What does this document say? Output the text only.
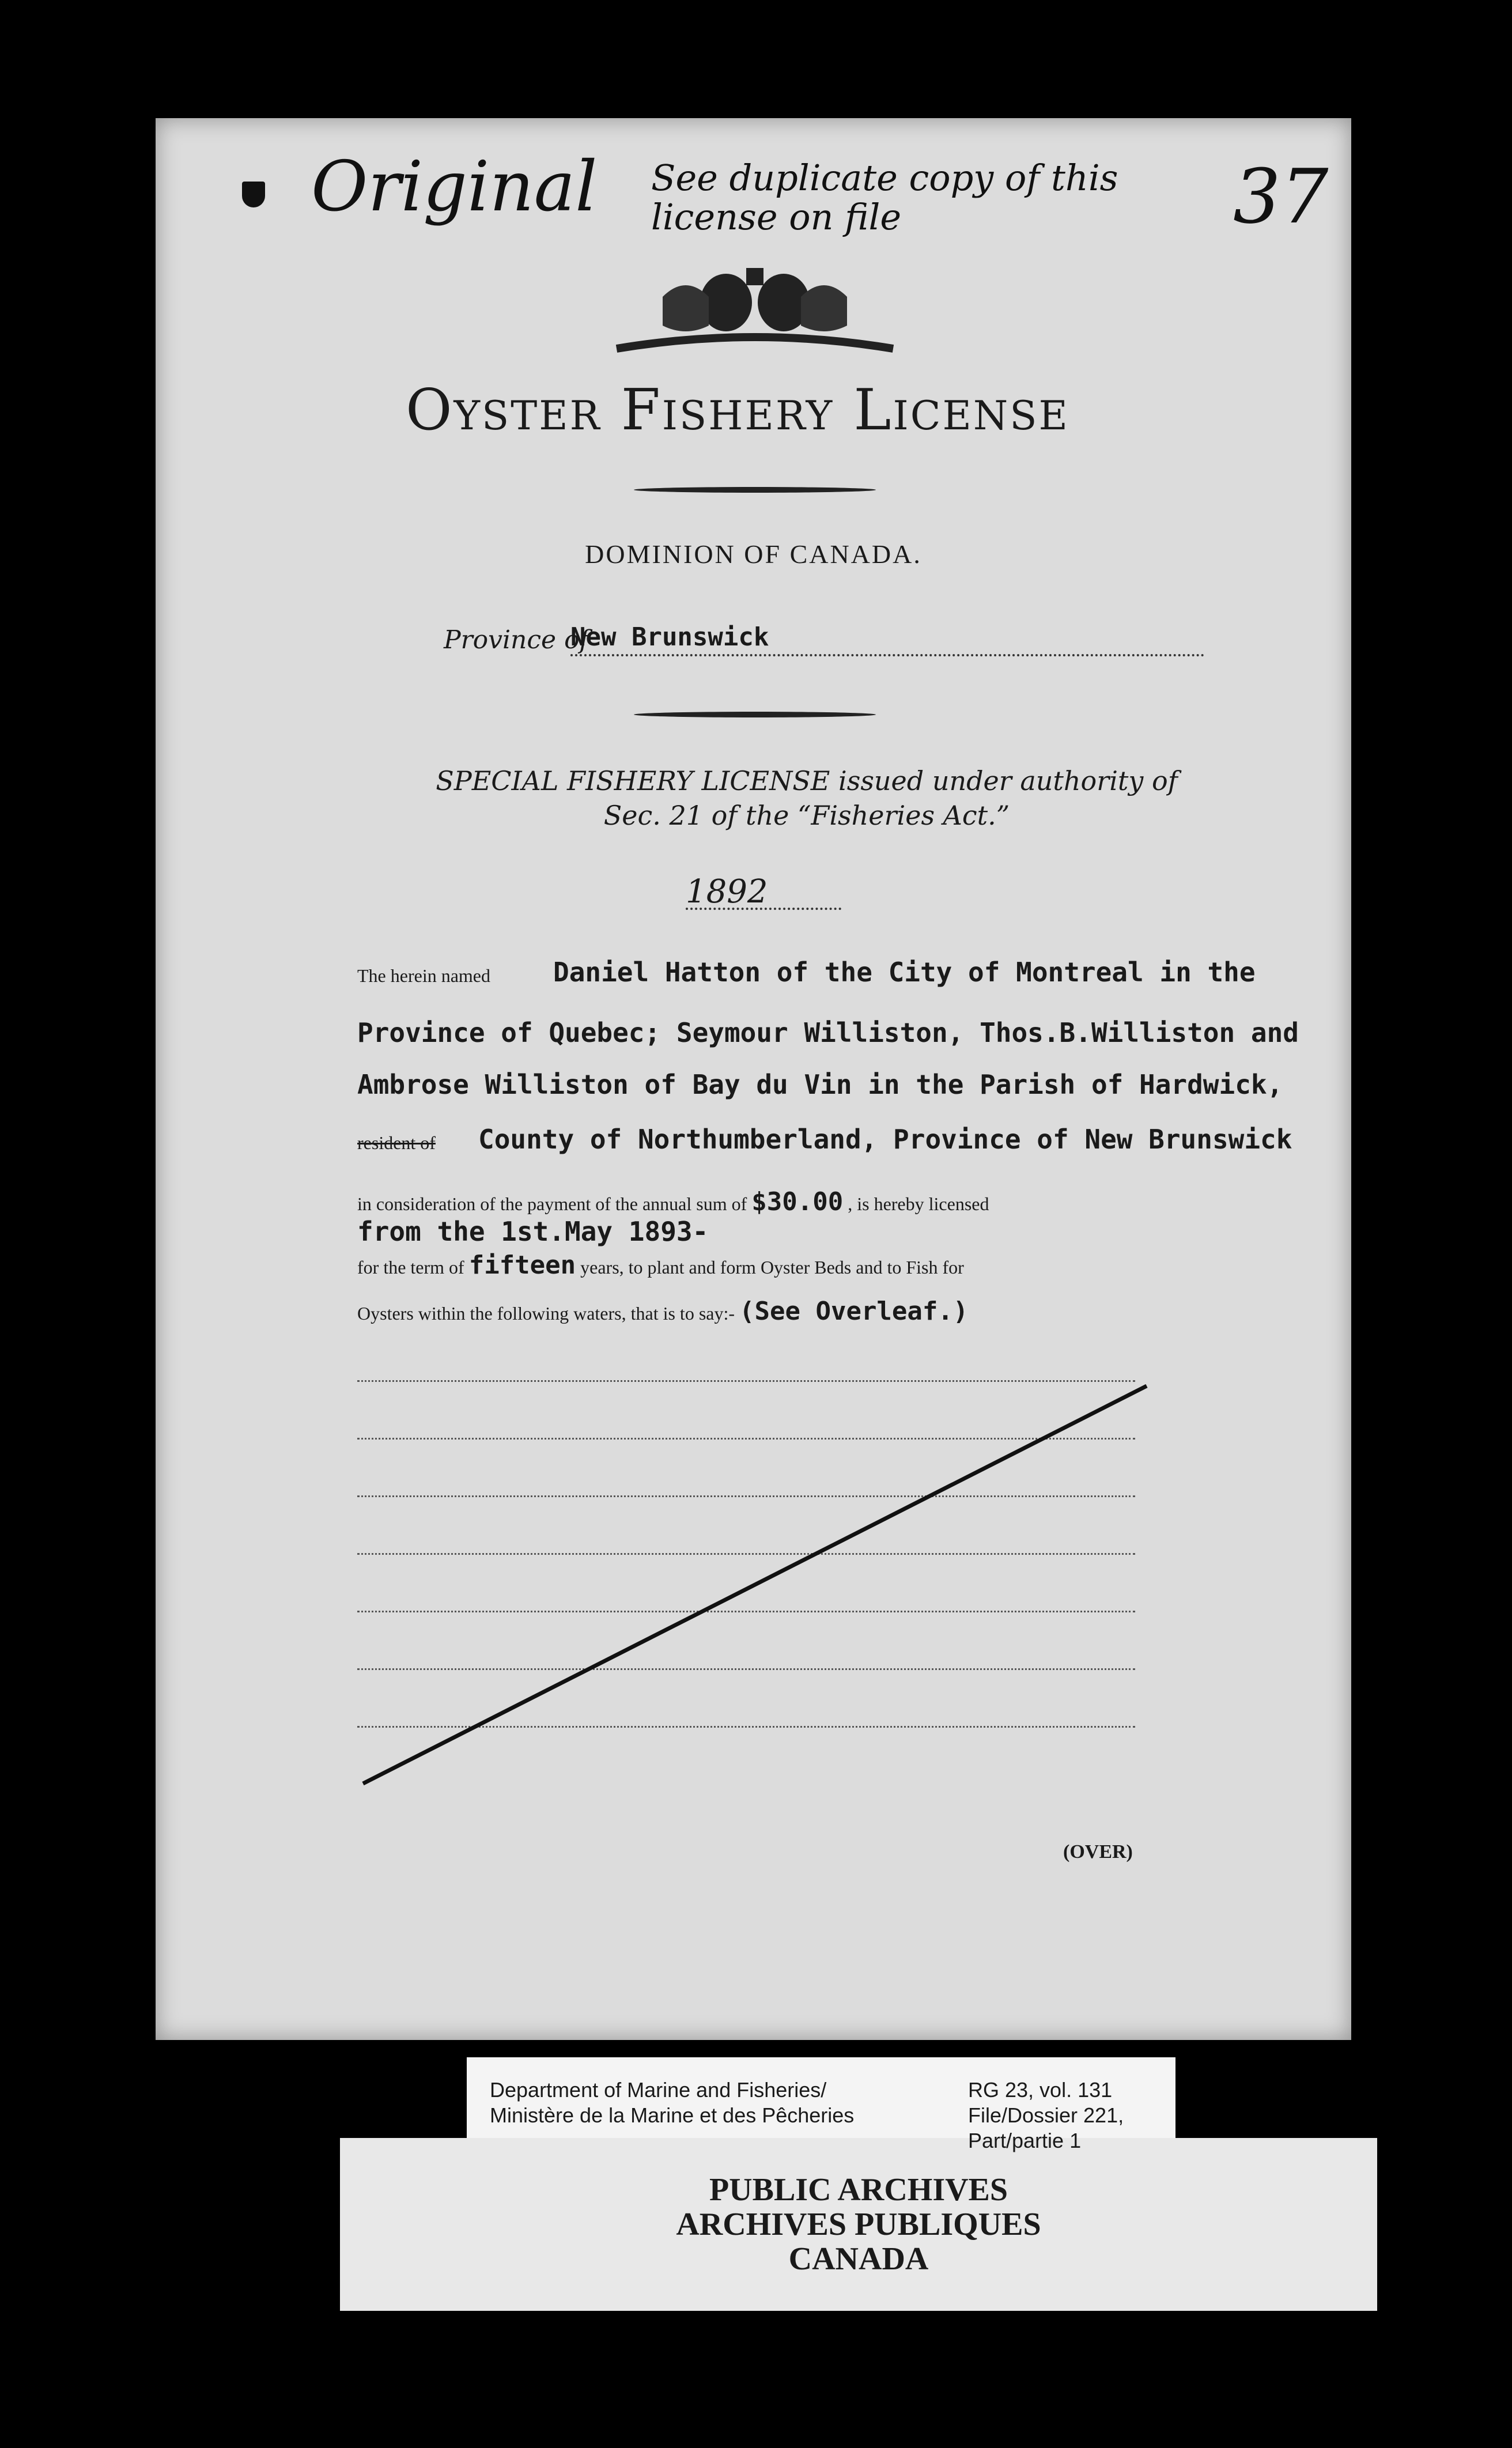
Original See duplicate copy of this license on file	37
Oyster Fishery License
DOMINION OF CANADA.
Province of
New Brunswick
SPECIAL FISHERY LICENSE issued under authority of
Sec. 21 of the “Fisheries Act.”
1892
The herein named Daniel Hatton of the City of Montreal in the
Province of Quebec; Seymour Williston, Thos.B.Williston and
Ambrose Williston of Bay du Vin in the Parish of Hardwick,
resident of County of Northumberland, Province of New Brunswick
in consideration of the payment of the annual sum of $30.00 , is hereby licensed
from the 1st.May 1893-
for the term of fifteen years, to plant and form Oyster Beds and to Fish for
Oysters within the following waters, that is to say:- (See Overleaf.)
(OVER)
PUBLIC ARCHIVES
ARCHIVES PUBLIQUES
CANADA
Department of Marine and Fisheries/
Ministère de la Marine et des Pêcheries
RG 23, vol. 131
File/Dossier 221,
Part/partie 1
